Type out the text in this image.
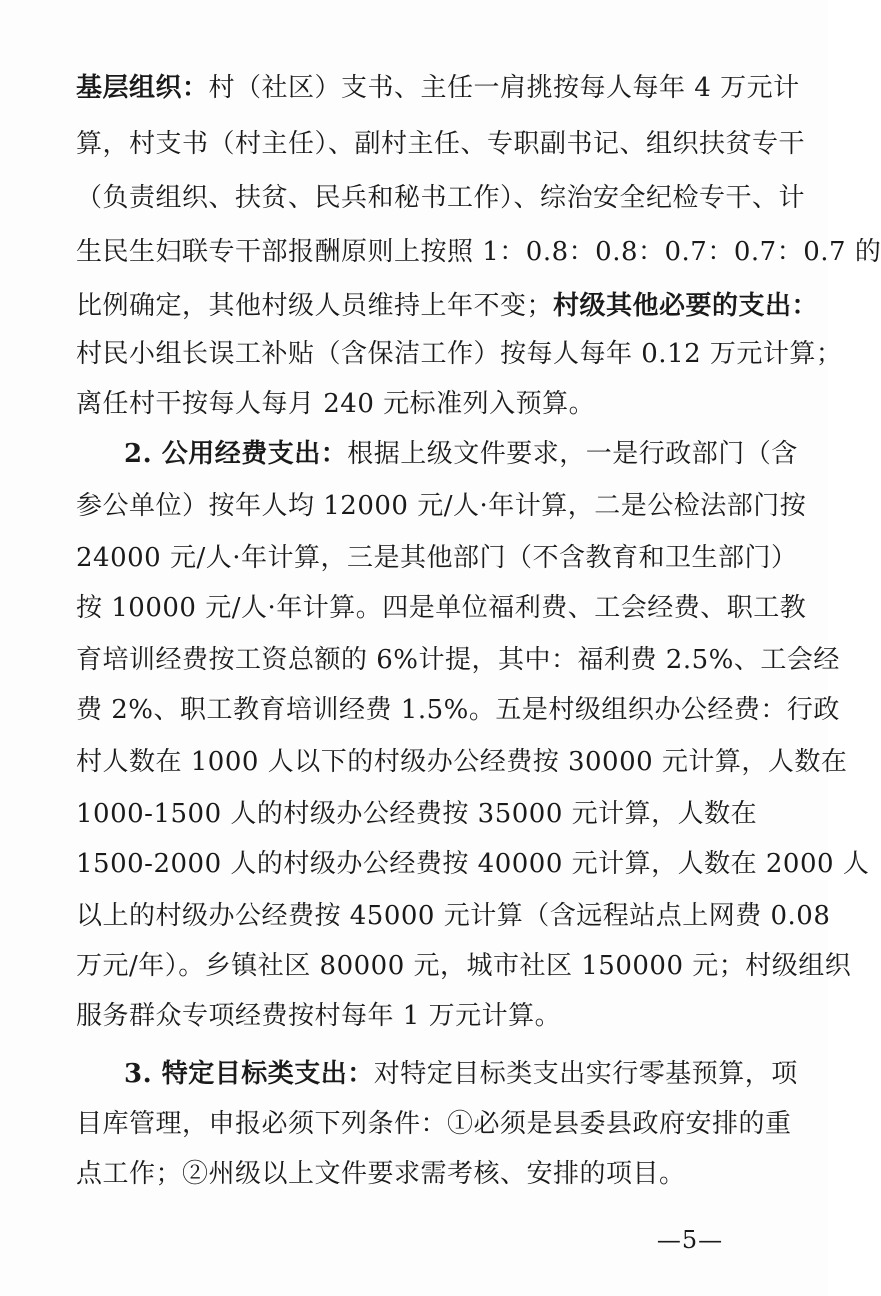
基层组织：村（社区）支书、主任一肩挑按每人每年 4 万元计
算，村支书（村主任）、副村主任、专职副书记、组织扶贫专干
（负责组织、扶贫、民兵和秘书工作）、综治安全纪检专干、计
生民生妇联专干部报酬原则上按照 1：0.8：0.8：0.7：0.7：0.7 的
比例确定，其他村级人员维持上年不变；村级其他必要的支出：
村民小组长误工补贴（含保洁工作）按每人每年 0.12 万元计算；
离任村干按每人每月 240 元标准列入预算。
2. 公用经费支出：根据上级文件要求，一是行政部门（含
参公单位）按年人均 12000 元/人·年计算，二是公检法部门按
24000 元/人·年计算，三是其他部门（不含教育和卫生部门）
按 10000 元/人·年计算。四是单位福利费、工会经费、职工教
育培训经费按工资总额的 6%计提，其中：福利费 2.5%、工会经
费 2%、职工教育培训经费 1.5%。五是村级组织办公经费：行政
村人数在 1000 人以下的村级办公经费按 30000 元计算，人数在
1000-1500 人的村级办公经费按 35000 元计算，人数在
1500-2000 人的村级办公经费按 40000 元计算，人数在 2000 人
以上的村级办公经费按 45000 元计算（含远程站点上网费 0.08
万元/年）。乡镇社区 80000 元，城市社区 150000 元；村级组织
服务群众专项经费按村每年 1 万元计算。
3. 特定目标类支出：对特定目标类支出实行零基预算，项
目库管理，申报必须下列条件：①必须是县委县政府安排的重
点工作；②州级以上文件要求需考核、安排的项目。
—5—
